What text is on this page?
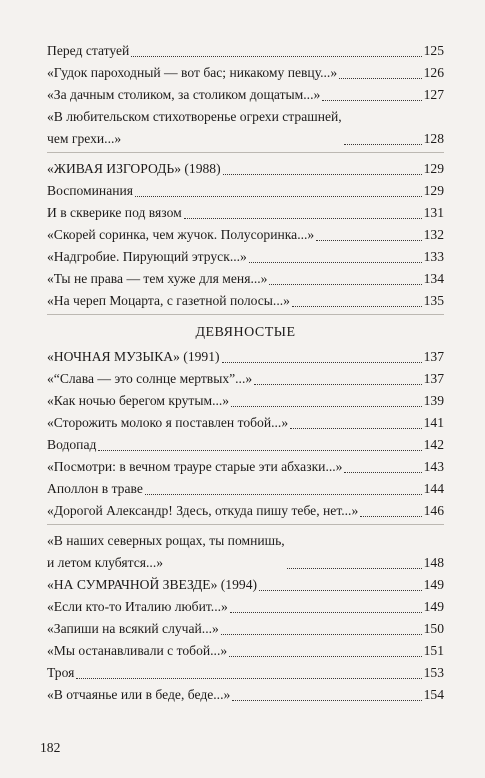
Перед статуей	125
«Гудок пароходный — вот бас; никакому певцу...»	126
«За дачным столиком, за столиком дощатым...»	127
«В любительском стихотворенье огрехи страшней,
чем грехи...»	128
«ЖИВАЯ ИЗГОРОДЬ» (1988)	129
Воспоминания	129
И в скверике под вязом	131
«Скорей соринка, чем жучок. Полусоринка...»	132
«Надгробие. Пирующий этруск...»	133
«Ты не права — тем хуже для меня...»	134
«На череп Моцарта, с газетной полосы...»	135
ДЕВЯНОСТЫЕ
«НОЧНАЯ МУЗЫКА» (1991)	137
«“Слава — это солнце мертвых”...»	137
«Как ночью берегом крутым...»	139
«Сторожить молоко я поставлен тобой...»	141
Водопад	142
«Посмотри: в вечном трауре старые эти абхазки...»	143
Аполлон в траве	144
«Дорогой Александр! Здесь, откуда пишу тебе, нет...»	146
«В наших северных рощах, ты помнишь,
и летом клубятся...»	148
«НА СУМРАЧНОЙ ЗВЕЗДЕ» (1994)	149
«Если кто-то Италию любит...»	149
«Запиши на всякий случай...»	150
«Мы останавливали с тобой...»	151
Троя	153
«В отчаянье или в беде, беде...»	154
182
